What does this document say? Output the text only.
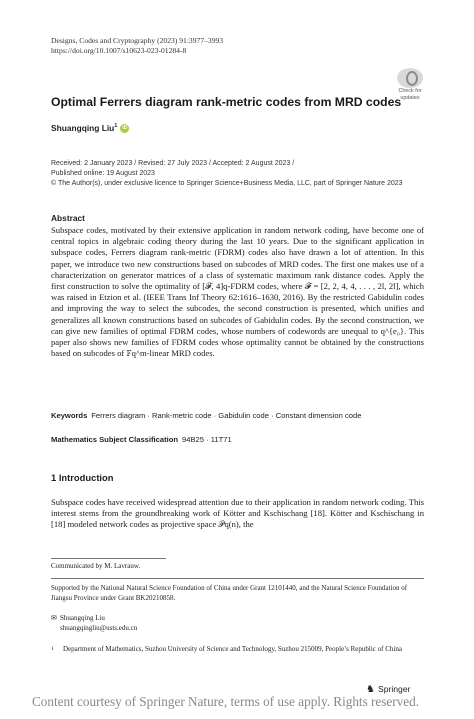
Designs, Codes and Cryptography (2023) 91:3977–3993
https://doi.org/10.1007/s10623-023-01284-8
Check for
updates
Optimal Ferrers diagram rank-metric codes from MRD codes
Shuangqing Liu$^1$ iD
Received: 2 January 2023 / Revised: 27 July 2023 / Accepted: 2 August 2023 /
Published online: 19 August 2023
© The Author(s), under exclusive licence to Springer Science+Business Media, LLC, part of Springer Nature 2023
Abstract
Subspace codes, motivated by their extensive application in random network coding, have become one of central topics in algebraic coding theory during the last 10 years. Due to the significant application in subspace codes, Ferrers diagram rank-metric (FDRM) codes also have drawn a lot of attention. In this paper, we introduce two new constructions based on subcodes of MRD codes. The first one makes use of a characterization on generator matrices of a class of systematic maximum rank distance codes. Apply the first construction to solve the optimality of [𝓕, 4]q-FDRM codes, where 𝓕 = [2, 2, 4, 4, . . . , 2l, 2l], which was raised in Etzion et al. (IEEE Trans Inf Theory 62:1616–1630, 2016). By the restricted Gabidulin codes and improving the way to select the subcodes, the second construction is presented, which unifies and generalizes all known constructions based on subcodes of Gabidulin codes. By the second construction, we can give new families of optimal FDRM codes, whose numbers of codewords are unequal to q^{e₀}. This paper also shows new families of FDRM codes whose optimality cannot be obtained by the constructions based on subcodes of 𝔽q^m-linear MRD codes.
Keywords Ferrers diagram · Rank-metric code · Gabidulin code · Constant dimension code
Mathematics Subject Classification 94B25 · 11T71
1 Introduction
Subspace codes have received widespread attention due to their application in random network coding. This interest stems from the groundbreaking work of Kötter and Kschischang [18]. Kötter and Kschischang in [18] modeled network codes as projective space 𝒫q(n), the
Communicated by M. Lavrauw.
Supported by the National Natural Science Foundation of China under Grant 12101440, and the Natural Science Foundation of Jiangsu Province under Grant BK20210858.
✉ Shuangqing Liu
shuangqingliu@usts.edu.cn
1 Department of Mathematics, Suzhou University of Science and Technology, Suzhou 215009, People’s Republic of China
♞ Springer
Content courtesy of Springer Nature, terms of use apply. Rights reserved.
